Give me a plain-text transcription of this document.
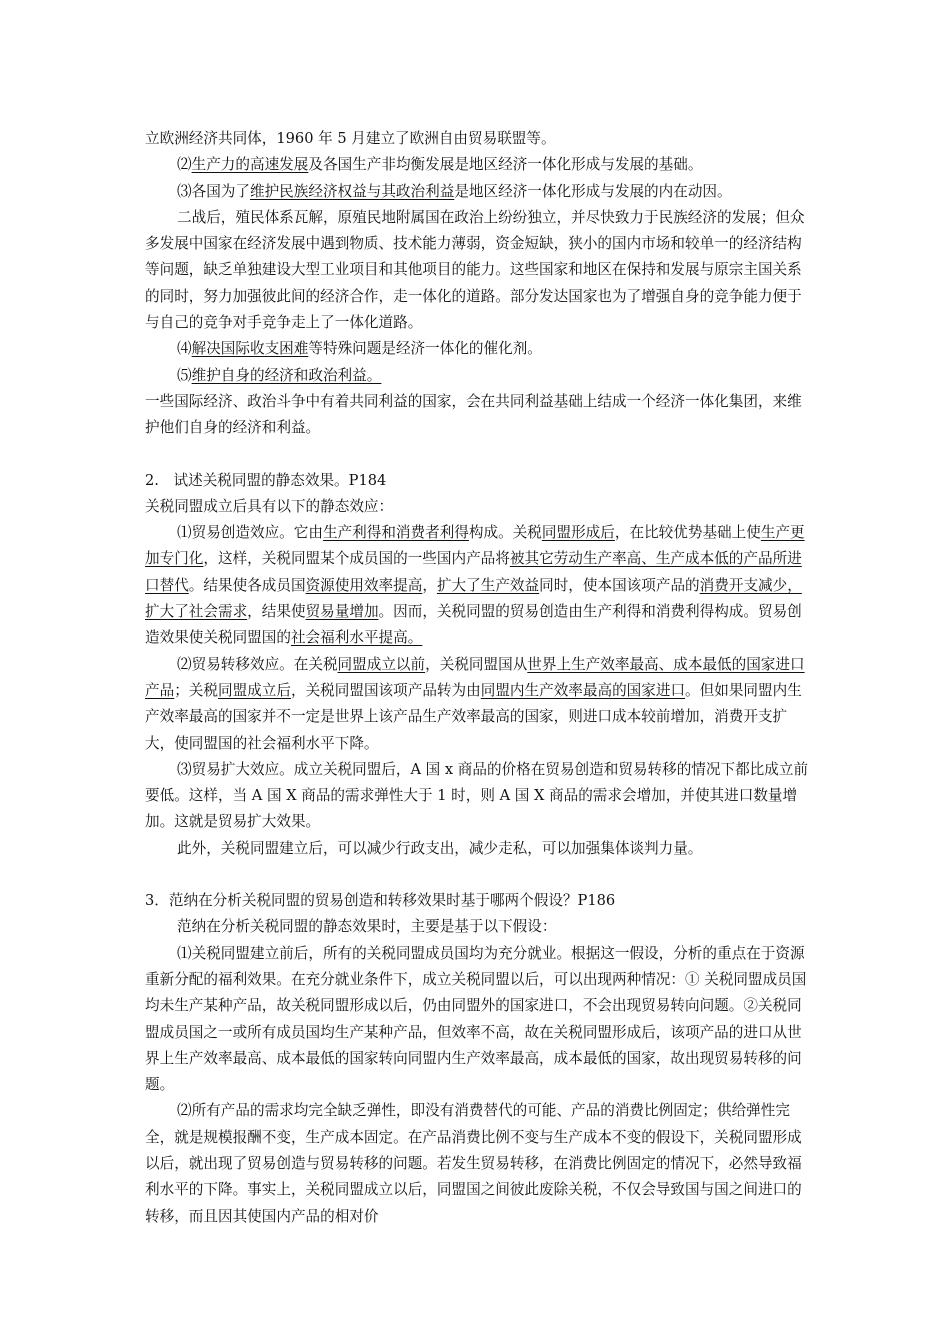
立欧洲经济共同体，1960 年 5 月建立了欧洲自由贸易联盟等。

⑵生产力的高速发展及各国生产非均衡发展是地区经济一体化形成与发展的基础。

⑶各国为了维护民族经济权益与其政治利益是地区经济一体化形成与发展的内在动因。

二战后，殖民体系瓦解，原殖民地附属国在政治上纷纷独立，并尽快致力于民族经济的发展；但众多发展中国家在经济发展中遇到物质、技术能力薄弱，资金短缺，狭小的国内市场和较单一的经济结构等问题，缺乏单独建设大型工业项目和其他项目的能力。这些国家和地区在保持和发展与原宗主国关系的同时，努力加强彼此间的经济合作，走一体化的道路。部分发达国家也为了增强自身的竞争能力便于与自己的竞争对手竞争走上了一体化道路。

⑷解决国际收支困难等特殊问题是经济一体化的催化剂。

⑸维护自身的经济和政治利益。

一些国际经济、政治斗争中有着共同利益的国家，会在共同利益基础上结成一个经济一体化集团，来维护他们自身的经济和利益。

2.　试述关税同盟的静态效果。P184

关税同盟成立后具有以下的静态效应：

⑴贸易创造效应。它由生产利得和消费者利得构成。关税同盟形成后，在比较优势基础上使生产更加专门化，这样，关税同盟某个成员国的一些国内产品将被其它劳动生产率高、生产成本低的产品所进口替代。结果使各成员国资源使用效率提高，扩大了生产效益同时，使本国该项产品的消费开支减少，扩大了社会需求，结果使贸易量增加。因而，关税同盟的贸易创造由生产利得和消费利得构成。贸易创造效果使关税同盟国的社会福利水平提高。

⑵贸易转移效应。在关税同盟成立以前，关税同盟国从世界上生产效率最高、成本最低的国家进口产品；关税同盟成立后，关税同盟国该项产品转为由同盟内生产效率最高的国家进口。但如果同盟内生产效率最高的国家并不一定是世界上该产品生产效率最高的国家，则进口成本较前增加，消费开支扩大，使同盟国的社会福利水平下降。

⑶贸易扩大效应。成立关税同盟后，A 国 x 商品的价格在贸易创造和贸易转移的情况下都比成立前要低。这样，当 A 国 X 商品的需求弹性大于 1 时，则 A 国 X 商品的需求会增加，并使其进口数量增加。这就是贸易扩大效果。

此外，关税同盟建立后，可以减少行政支出，减少走私，可以加强集体谈判力量。

3．范纳在分析关税同盟的贸易创造和转移效果时基于哪两个假设？P186

范纳在分析关税同盟的静态效果时，主要是基于以下假设：

⑴关税同盟建立前后，所有的关税同盟成员国均为充分就业。根据这一假设，分析的重点在于资源重新分配的福利效果。在充分就业条件下，成立关税同盟以后，可以出现两种情况：① 关税同盟成员国均未生产某种产品，故关税同盟形成以后，仍由同盟外的国家进口，不会出现贸易转向问题。②关税同盟成员国之一或所有成员国均生产某种产品，但效率不高，故在关税同盟形成后，该项产品的进口从世界上生产效率最高、成本最低的国家转向同盟内生产效率最高，成本最低的国家，故出现贸易转移的问题。

⑵所有产品的需求均完全缺乏弹性，即没有消费替代的可能、产品的消费比例固定；供给弹性完全，就是规模报酬不变，生产成本固定。在产品消费比例不变与生产成本不变的假设下，关税同盟形成以后，就出现了贸易创造与贸易转移的问题。若发生贸易转移，在消费比例固定的情况下，必然导致福利水平的下降。事实上，关税同盟成立以后，同盟国之间彼此废除关税，不仅会导致国与国之间进口的转移，而且因其使国内产品的相对价
